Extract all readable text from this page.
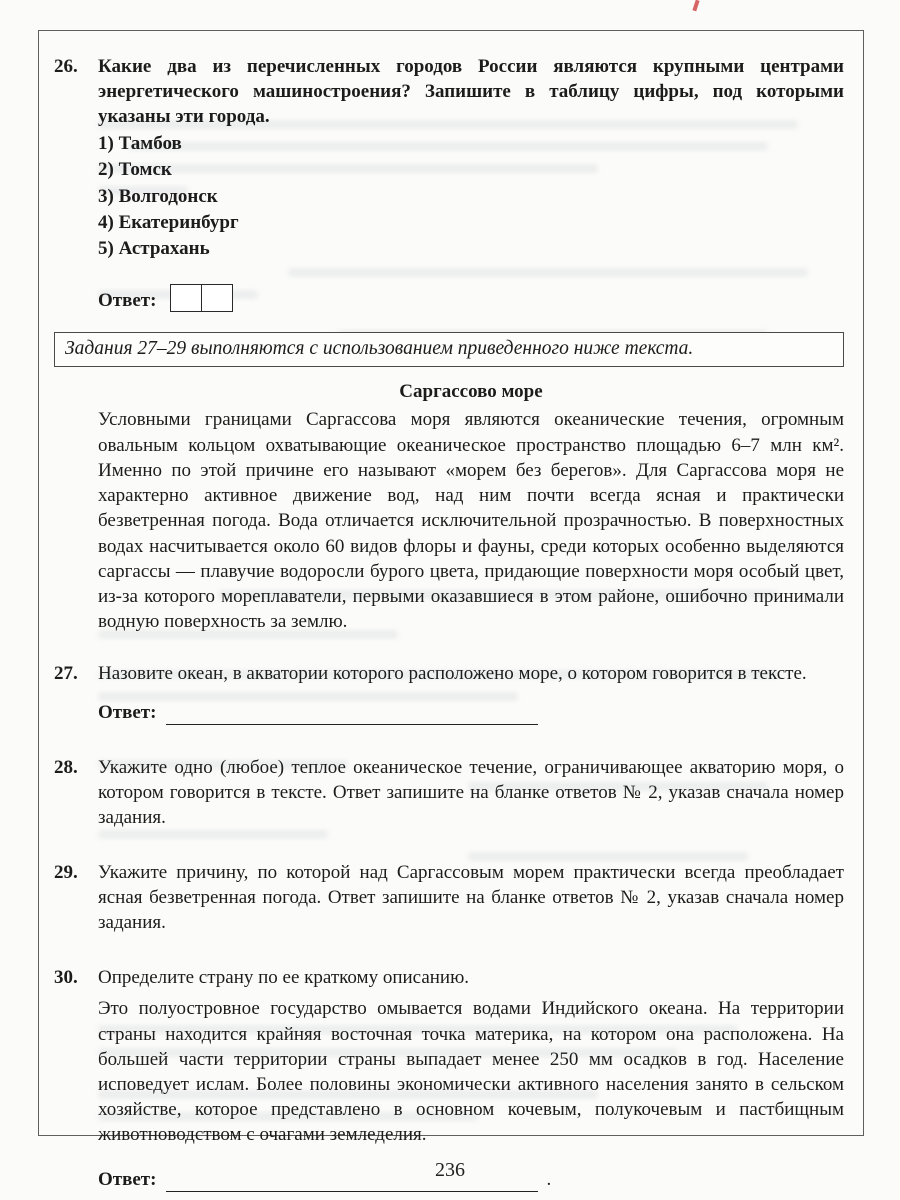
26.	Какие два из перечисленных городов России являются крупными центрами энергетического машиностроения? Запишите в таблицу цифры, под которыми указаны эти города.
1) Тамбов
2) Томск
3) Волгодонск
4) Екатеринбург
5) Астрахань
Ответ:
Задания 27–29 выполняются с использованием приведенного ниже текста.
Саргассово море
Условными границами Саргассова моря являются океанические течения, огромным овальным кольцом охватывающие океаническое пространство площадью 6–7 млн км². Именно по этой причине его называют «морем без берегов». Для Саргассова моря не характерно активное движение вод, над ним почти всегда ясная и практически безветренная погода. Вода отличается исключительной прозрачностью. В поверхностных водах насчитывается около 60 видов флоры и фауны, среди которых особенно выделяются саргассы — плавучие водоросли бурого цвета, придающие поверхности моря особый цвет, из-за которого мореплаватели, первыми оказавшиеся в этом районе, ошибочно принимали водную поверхность за землю.
27.	Назовите океан, в акватории которого расположено море, о котором говорится в тексте.
Ответ:
28.	Укажите одно (любое) теплое океаническое течение, ограничивающее акваторию моря, о котором говорится в тексте. Ответ запишите на бланке ответов № 2, указав сначала номер задания.
29.	Укажите причину, по которой над Саргассовым морем практически всегда преобладает ясная безветренная погода. Ответ запишите на бланке ответов № 2, указав сначала номер задания.
30.	Определите страну по ее краткому описанию.
Это полуостровное государство омывается водами Индийского океана. На территории страны находится крайняя восточная точка материка, на котором она расположена. На большей части территории страны выпадает менее 250 мм осадков в год. Население исповедует ислам. Более половины экономически активного населения занято в сельском хозяйстве, которое представлено в основном кочевым, полукочевым и пастбищным животноводством с очагами земледелия.
Ответ:	.
236
